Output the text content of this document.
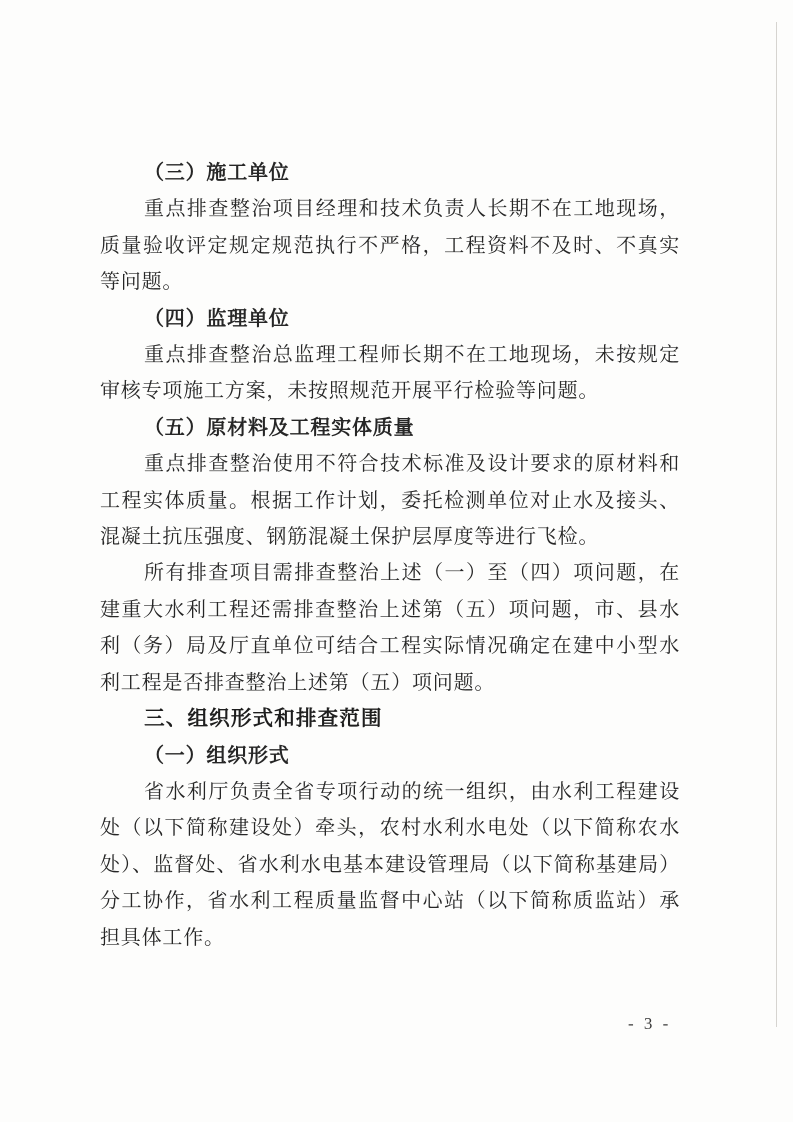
（三）施工单位

重点排查整治项目经理和技术负责人长期不在工地现场，质量验收评定规定规范执行不严格，工程资料不及时、不真实等问题。

（四）监理单位

重点排查整治总监理工程师长期不在工地现场，未按规定审核专项施工方案，未按照规范开展平行检验等问题。

（五）原材料及工程实体质量

重点排查整治使用不符合技术标准及设计要求的原材料和工程实体质量。根据工作计划，委托检测单位对止水及接头、混凝土抗压强度、钢筋混凝土保护层厚度等进行飞检。

所有排查项目需排查整治上述（一）至（四）项问题，在建重大水利工程还需排查整治上述第（五）项问题，市、县水利（务）局及厅直单位可结合工程实际情况确定在建中小型水利工程是否排查整治上述第（五）项问题。

三、组织形式和排查范围

（一）组织形式

省水利厅负责全省专项行动的统一组织，由水利工程建设处（以下简称建设处）牵头，农村水利水电处（以下简称农水处）、监督处、省水利水电基本建设管理局（以下简称基建局）分工协作，省水利工程质量监督中心站（以下简称质监站）承担具体工作。

- 3 -
